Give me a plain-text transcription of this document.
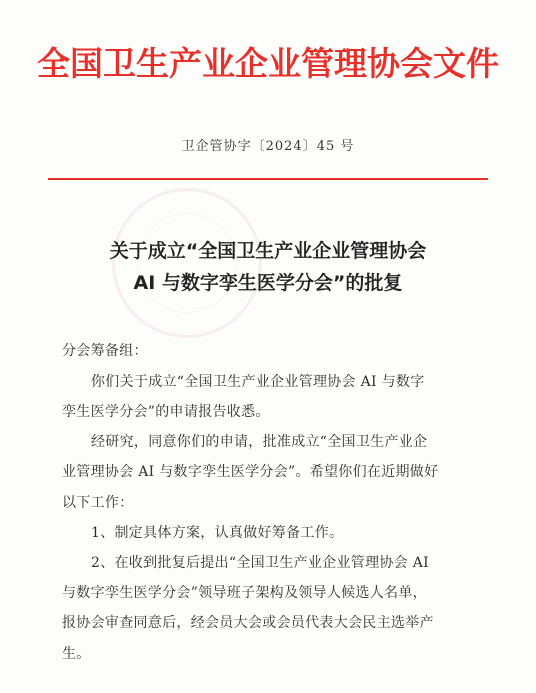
全国卫生产业企业管理协会文件
卫企管协字〔2024〕45 号
关于成立“全国卫生产业企业管理协会
AI 与数字孪生医学分会”的批复
分会筹备组：
你们关于成立“全国卫生产业企业管理协会 AI 与数字
孪生医学分会”的申请报告收悉。
经研究，同意你们的申请，批准成立“全国卫生产业企
业管理协会 AI 与数字孪生医学分会”。希望你们在近期做好
以下工作：
1、制定具体方案，认真做好筹备工作。
2、在收到批复后提出“全国卫生产业企业管理协会 AI
与数字孪生医学分会”领导班子架构及领导人候选人名单，
报协会审查同意后，经会员大会或会员代表大会民主选举产
生。
